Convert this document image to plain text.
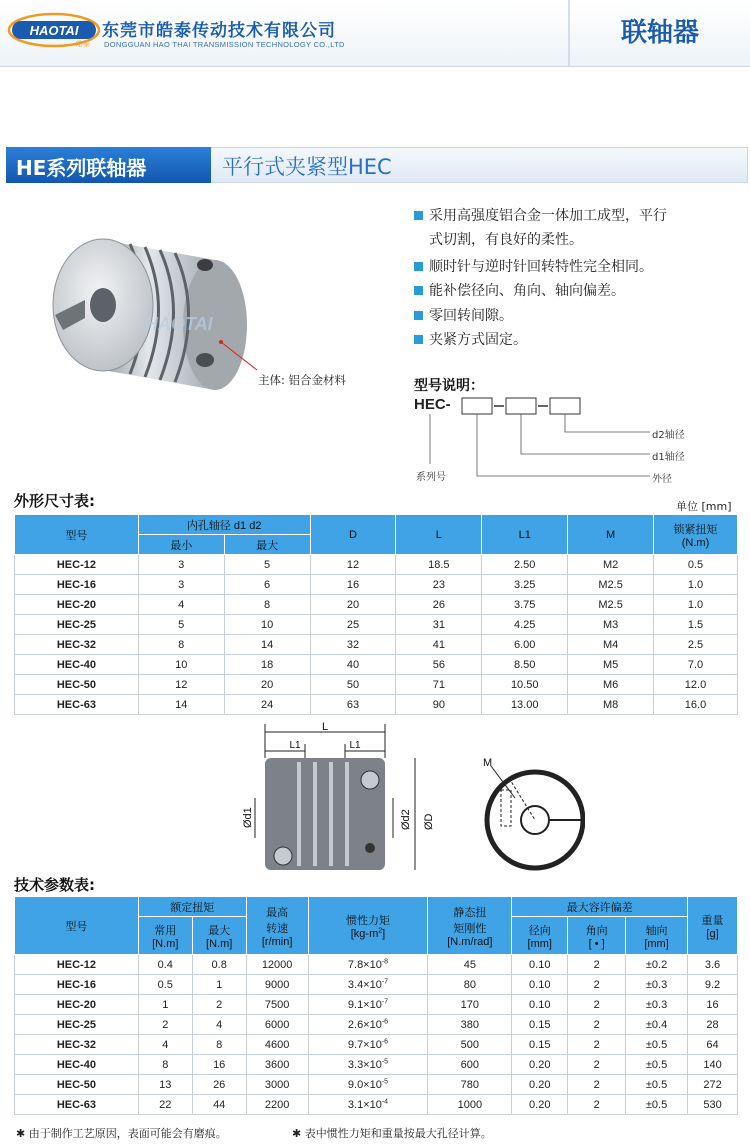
HAOTAI
皓泰
东莞市皓泰传动技术有限公司
DONGGUAN HAO THAI TRANSMISSION TECHNOLOGY CO.,LTD	联轴器
HE系列联轴器	平行式夹紧型HEC
HAOTAI
主体: 铝合金材料
采用高强度铝合金一体加工成型，平行
式切割，有良好的柔性。
顺时针与逆时针回转特性完全相同。
能补偿径向、角向、轴向偏差。
零回转间隙。
夹紧方式固定。
型号说明：
HEC-
d2轴径
d1轴径
外径
系列号
外形尺寸表:	单位 [mm]
型号	内孔轴径 d1 d2		D	L	L1	M	锁紧扭矩
(N.m)
	最小	最大					
HEC-12	3	5	12	18.5	2.50	M2	0.5
HEC-16	3	6	16	23	3.25	M2.5	1.0
HEC-20	4	8	20	26	3.75	M2.5	1.0
HEC-25	5	10	25	31	4.25	M3	1.5
HEC-32	8	14	32	41	6.00	M4	2.5
HEC-40	10	18	40	56	8.50	M5	7.0
HEC-50	12	20	50	71	10.50	M6	12.0
HEC-63	14	24	63	90	13.00	M8	16.0
L
L1	L1
Ød1	Ød2 ØD
M
技术参数表:
型号	额定扭矩		最高
转速
[r/min]	惯性力矩
$[kg-m^2]$	静态扭
矩刚性
[N.m/rad]	最大容许偏差			重量
[g]
	常用
[N.m]	最大
[N.m]				径向
[mm]	角向
[ • ]	轴向
[mm]	
HEC-12	0.4	0.8	12000	$7.8\times 10^{-8}$	45	0.10	2	±0.2	3.6
HEC-16	0.5	1	9000	$3.4\times 10^{-7}$	80	0.10	2	±0.3	9.2
HEC-20	1	2	7500	$9.1\times 10^{-7}$	170	0.10	2	±0.3	16
HEC-25	2	4	6000	$2.6\times 10^{-6}$	380	0.15	2	±0.4	28
HEC-32	4	8	4600	$9.7\times 10^{-6}$	500	0.15	2	±0.5	64
HEC-40	8	16	3600	$3.3\times 10^{-5}$	600	0.20	2	±0.5	140
HEC-50	13	26	3000	$9.0\times 10^{-5}$	780	0.20	2	±0.5	272
HEC-63	22	44	2200	$3.1\times 10^{-4}$	1000	0.20	2	±0.5	530
✱ 由于制作工艺原因，表面可能会有磨痕。	✱ 表中惯性力矩和重量按最大孔径计算。
